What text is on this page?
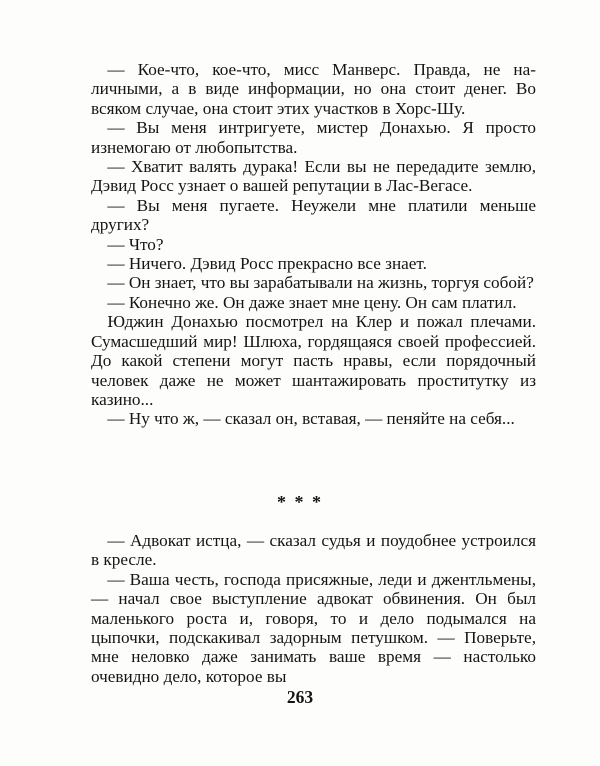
— Кое-что, кое-что, мисс Манверс. Правда, не наличными, а в виде информации, но она стоит денег. Во всяком случае, она стоит этих участков в Хорс-Шу.

— Вы меня интригуете, мистер Донахью. Я просто изнемогаю от любопытства.

— Хватит валять дурака! Если вы не передадите землю, Дэвид Росс узнает о вашей репутации в Лас-Вегасе.

— Вы меня пугаете. Неужели мне платили меньше других?

— Что?

— Ничего. Дэвид Росс прекрасно все знает.

— Он знает, что вы зарабатывали на жизнь, торгуя собой?

— Конечно же. Он даже знает мне цену. Он сам платил.

Юджин Донахью посмотрел на Клер и пожал плечами. Сумасшедший мир! Шлюха, гордящаяся своей профессией. До какой степени могут пасть нравы, если порядочный человек даже не может шантажировать проститутку из казино...

— Ну что ж, — сказал он, вставая, — пеняйте на себя...

* * *

— Адвокат истца, — сказал судья и поудобнее устроился в кресле.

— Ваша честь, господа присяжные, леди и джентльмены, — начал свое выступление адвокат обвинения. Он был маленького роста и, говоря, то и дело подымался на цыпочки, подскакивал задорным петушком. — Поверьте, мне неловко даже занимать ваше время — настолько очевидно дело, которое вы

263
